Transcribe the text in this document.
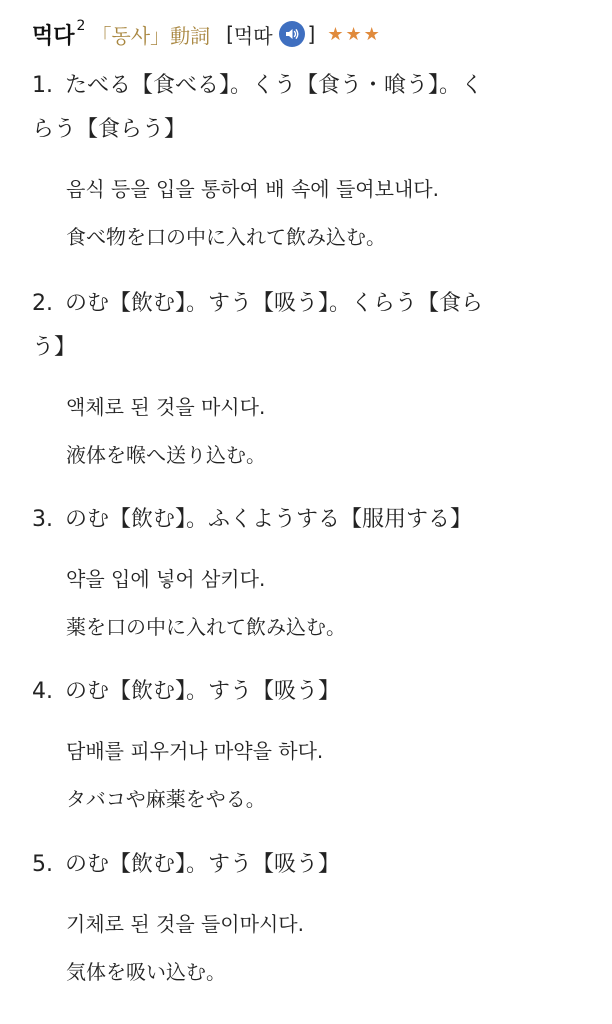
먹다 2 「동사」動詞 [ 먹따 ] ★★★
1. たべる【食べる】。くう【食う・喰う】。く
らう【食らう】
음식 등을 입을 통하여 배 속에 들여보내다.
食べ物を口の中に入れて飲み込む。
2. のむ【飲む】。すう【吸う】。くらう【食ら
う】
액체로 된 것을 마시다.
液体を喉へ送り込む。
3. のむ【飲む】。ふくようする【服用する】
약을 입에 넣어 삼키다.
薬を口の中に入れて飲み込む。
4. のむ【飲む】。すう【吸う】
담배를 피우거나 마약을 하다.
タバコや麻薬をやる。
5. のむ【飲む】。すう【吸う】
기체로 된 것을 들이마시다.
気体を吸い込む。
